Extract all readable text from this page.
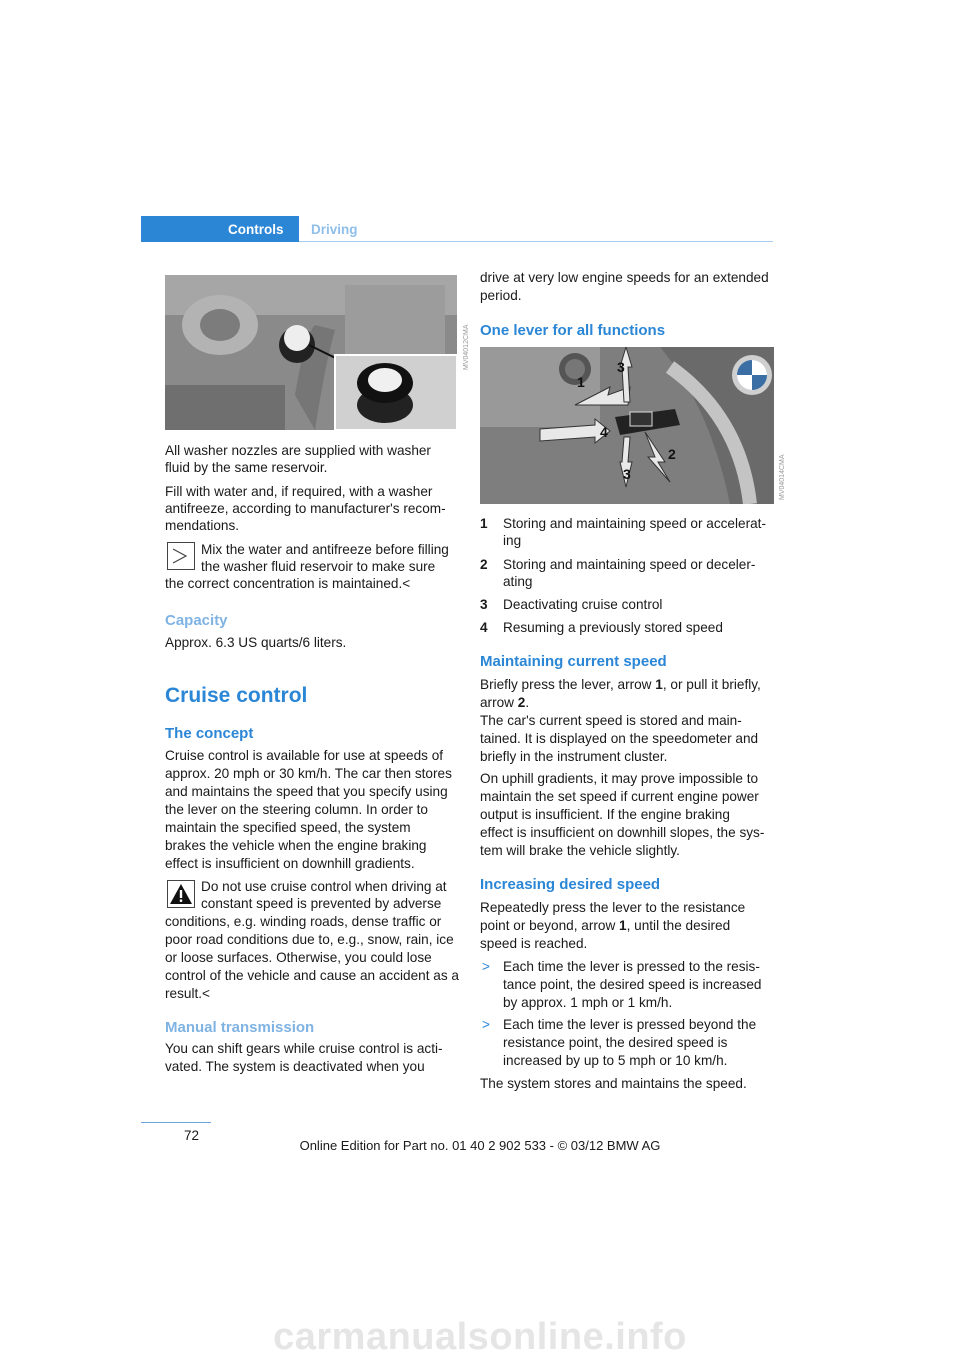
Controls Driving
MV04012CMA
All washer nozzles are supplied with washer
fluid by the same reservoir.
Fill with water and, if required, with a washer
antifreeze, according to manufacturer's recom-
mendations.
Mix the water and antifreeze before filling
the washer fluid reservoir to make sure
the correct concentration is maintained.<
Capacity
Approx. 6.3 US quarts/6 liters.
Cruise control
The concept
Cruise control is available for use at speeds of
approx. 20 mph or 30 km/h. The car then stores
and maintains the speed that you specify using
the lever on the steering column. In order to
maintain the specified speed, the system
brakes the vehicle when the engine braking
effect is insufficient on downhill gradients.
Do not use cruise control when driving at
constant speed is prevented by adverse
conditions, e.g. winding roads, dense traffic or
poor road conditions due to, e.g., snow, rain, ice
or loose surfaces. Otherwise, you could lose
control of the vehicle and cause an accident as a
result.<
Manual transmission
You can shift gears while cruise control is acti-
vated. The system is deactivated when you
drive at very low engine speeds for an extended
period.
One lever for all functions
1
2
3
3
4
MV04014CMA
1 Storing and maintaining speed or accelerat-
ing
2 Storing and maintaining speed or deceler-
ating
3 Deactivating cruise control
4 Resuming a previously stored speed
Maintaining current speed
Briefly press the lever, arrow 1, or pull it briefly,
arrow 2.
The car's current speed is stored and main-
tained. It is displayed on the speedometer and
briefly in the instrument cluster.
On uphill gradients, it may prove impossible to
maintain the set speed if current engine power
output is insufficient. If the engine braking
effect is insufficient on downhill slopes, the sys-
tem will brake the vehicle slightly.
Increasing desired speed
Repeatedly press the lever to the resistance
point or beyond, arrow 1, until the desired
speed is reached.
> Each time the lever is pressed to the resis-
tance point, the desired speed is increased
by approx. 1 mph or 1 km/h.
> Each time the lever is pressed beyond the
resistance point, the desired speed is
increased by up to 5 mph or 10 km/h.
The system stores and maintains the speed.
72
Online Edition for Part no. 01 40 2 902 533 - © 03/12 BMW AG
carmanualsonline.info
